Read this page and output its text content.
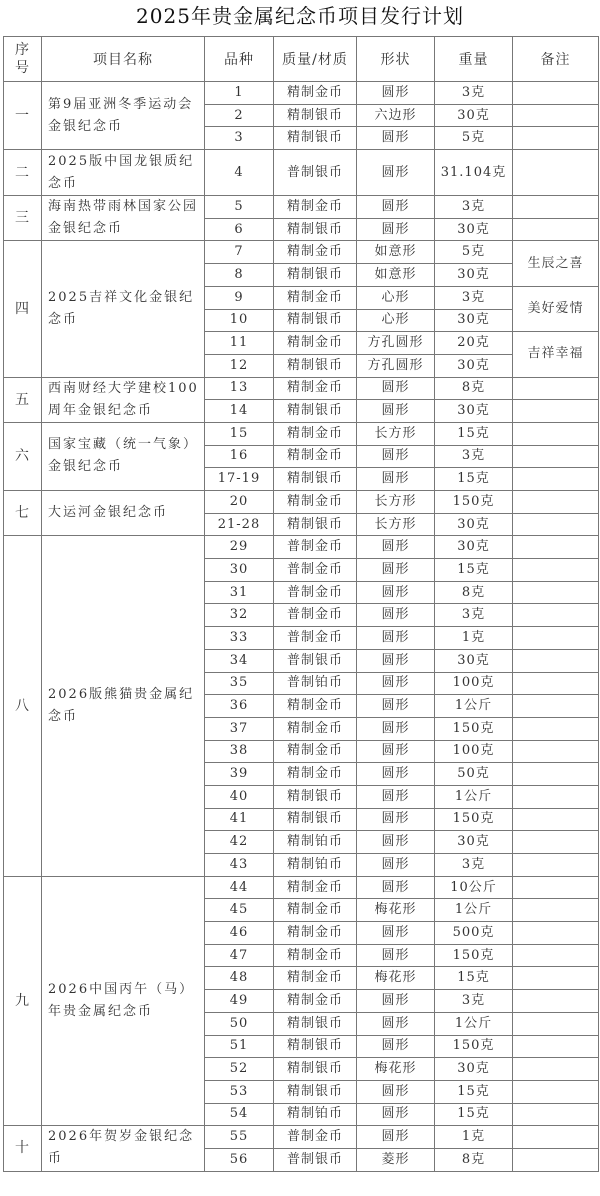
2025年贵金属纪念币项目发行计划
序号	项目名称	品种	质量/材质	形状	重量	备注
一	第9届亚洲冬季运动会金银纪念币	1	精制金币	圆形	3克	
		2	精制银币	六边形	30克	
		3	精制银币	圆形	5克	
二	2025版中国龙银质纪念币	4	普制银币	圆形	31.104克	
三	海南热带雨林国家公园金银纪念币	5	精制金币	圆形	3克	
		6	精制银币	圆形	30克	
四	2025吉祥文化金银纪念币	7	精制金币	如意形	5克	生辰之喜
		8	精制银币	如意形	30克	
		9	精制金币	心形	3克	美好爱情
		10	精制银币	心形	30克	
		11	精制金币	方孔圆形	20克	吉祥幸福
		12	精制银币	方孔圆形	30克	
五	西南财经大学建校100周年金银纪念币	13	精制金币	圆形	8克	
		14	精制银币	圆形	30克	
六	国家宝藏（统一气象）金银纪念币	15	精制金币	长方形	15克	
		16	精制金币	圆形	3克	
		17-19	精制银币	圆形	15克	
七	大运河金银纪念币	20	精制金币	长方形	150克	
		21-28	精制银币	长方形	30克	
八	2026版熊猫贵金属纪念币	29	普制金币	圆形	30克	
		30	普制金币	圆形	15克	
		31	普制金币	圆形	8克	
		32	普制金币	圆形	3克	
		33	普制金币	圆形	1克	
		34	普制银币	圆形	30克	
		35	普制铂币	圆形	100克	
		36	精制金币	圆形	1公斤	
		37	精制金币	圆形	150克	
		38	精制金币	圆形	100克	
		39	精制金币	圆形	50克	
		40	精制银币	圆形	1公斤	
		41	精制银币	圆形	150克	
		42	精制铂币	圆形	30克	
		43	精制铂币	圆形	3克	
九	2026中国丙午（马）年贵金属纪念币	44	精制金币	圆形	10公斤	
		45	精制金币	梅花形	1公斤	
		46	精制金币	圆形	500克	
		47	精制金币	圆形	150克	
		48	精制金币	梅花形	15克	
		49	精制金币	圆形	3克	
		50	精制银币	圆形	1公斤	
		51	精制银币	圆形	150克	
		52	精制银币	梅花形	30克	
		53	精制银币	圆形	15克	
		54	精制铂币	圆形	15克	
十	2026年贺岁金银纪念币	55	普制金币	圆形	1克	
		56	普制银币	菱形	8克	
